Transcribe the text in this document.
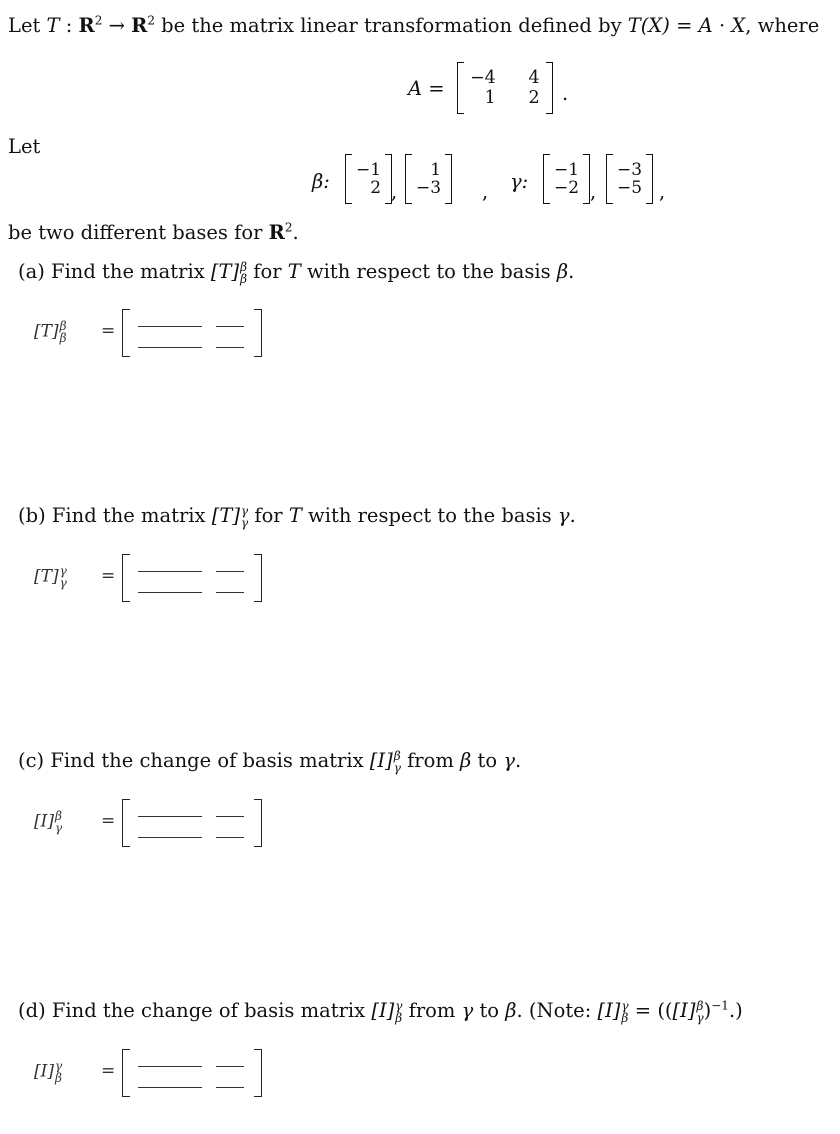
Let T : $R^2 \to R^2$ be the matrix linear transformation defined by T(X) = A · X, where
A = −4	4
1	2 .
Let
β: −1
2 ,
1
−3 , γ: −1
−2 ,
−3
−5 ,
be two different bases for $R^2$.
(a) Find the matrix [T] β
β for T with respect to the basis β.
[T] β
β =
(b) Find the matrix [T] γ
γ for T with respect to the basis γ.
[T] γ
γ =
(c) Find the change of basis matrix [I] β
γ from β to γ.
[I] β
γ =
(d) Find the change of basis matrix [I] γ
β from γ to β. (Note: [I] γ
β = (([I] β
γ )$^{-1}$.)
[I] γ
β =
